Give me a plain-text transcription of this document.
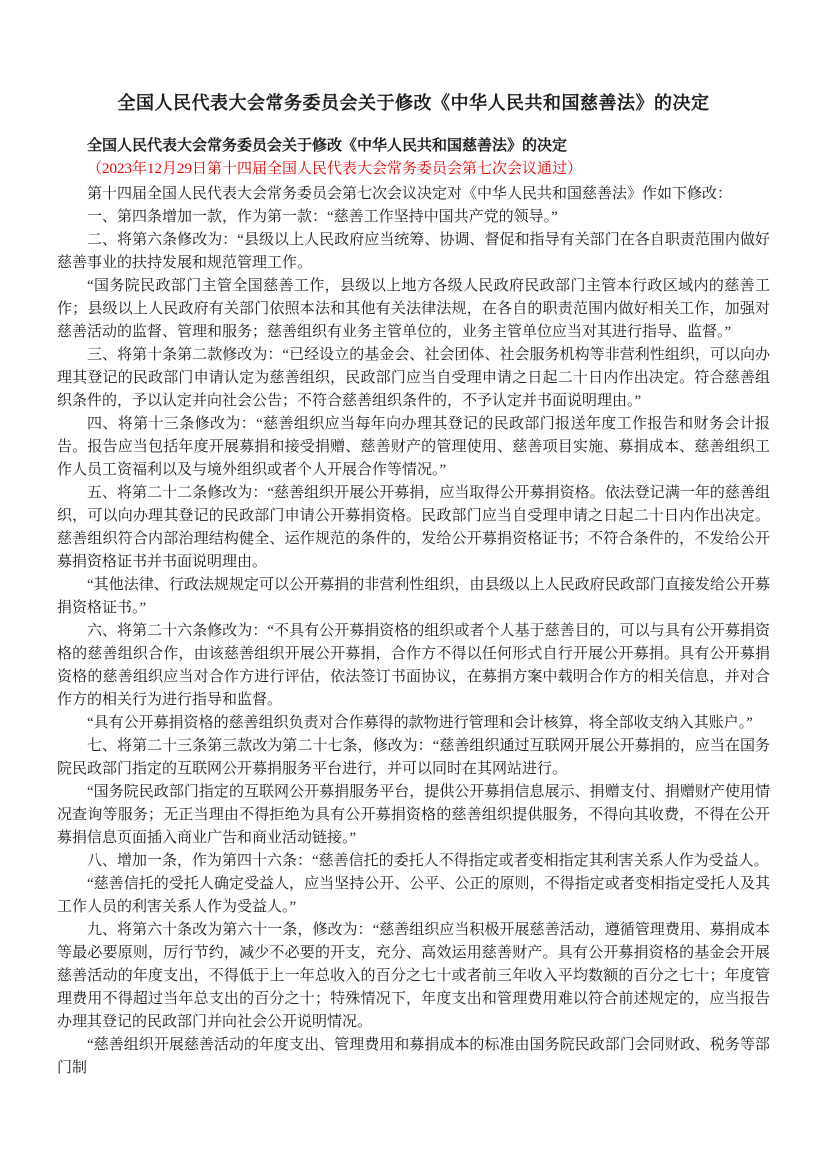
全国人民代表大会常务委员会关于修改《中华人民共和国慈善法》的决定

全国人民代表大会常务委员会关于修改《中华人民共和国慈善法》的决定

（2023年12月29日第十四届全国人民代表大会常务委员会第七次会议通过）

第十四届全国人民代表大会常务委员会第七次会议决定对《中华人民共和国慈善法》作如下修改：

一、第四条增加一款，作为第一款：“慈善工作坚持中国共产党的领导。”

二、将第六条修改为：“县级以上人民政府应当统筹、协调、督促和指导有关部门在各自职责范围内做好慈善事业的扶持发展和规范管理工作。

“国务院民政部门主管全国慈善工作，县级以上地方各级人民政府民政部门主管本行政区域内的慈善工作；县级以上人民政府有关部门依照本法和其他有关法律法规，在各自的职责范围内做好相关工作，加强对慈善活动的监督、管理和服务；慈善组织有业务主管单位的，业务主管单位应当对其进行指导、监督。”

三、将第十条第二款修改为：“已经设立的基金会、社会团体、社会服务机构等非营利性组织，可以向办理其登记的民政部门申请认定为慈善组织，民政部门应当自受理申请之日起二十日内作出决定。符合慈善组织条件的，予以认定并向社会公告；不符合慈善组织条件的，不予认定并书面说明理由。”

四、将第十三条修改为：“慈善组织应当每年向办理其登记的民政部门报送年度工作报告和财务会计报告。报告应当包括年度开展募捐和接受捐赠、慈善财产的管理使用、慈善项目实施、募捐成本、慈善组织工作人员工资福利以及与境外组织或者个人开展合作等情况。”

五、将第二十二条修改为：“慈善组织开展公开募捐，应当取得公开募捐资格。依法登记满一年的慈善组织，可以向办理其登记的民政部门申请公开募捐资格。民政部门应当自受理申请之日起二十日内作出决定。慈善组织符合内部治理结构健全、运作规范的条件的，发给公开募捐资格证书；不符合条件的，不发给公开募捐资格证书并书面说明理由。

“其他法律、行政法规规定可以公开募捐的非营利性组织，由县级以上人民政府民政部门直接发给公开募捐资格证书。”

六、将第二十六条修改为：“不具有公开募捐资格的组织或者个人基于慈善目的，可以与具有公开募捐资格的慈善组织合作，由该慈善组织开展公开募捐，合作方不得以任何形式自行开展公开募捐。具有公开募捐资格的慈善组织应当对合作方进行评估，依法签订书面协议，在募捐方案中载明合作方的相关信息，并对合作方的相关行为进行指导和监督。

“具有公开募捐资格的慈善组织负责对合作募得的款物进行管理和会计核算，将全部收支纳入其账户。”

七、将第二十三条第三款改为第二十七条，修改为：“慈善组织通过互联网开展公开募捐的，应当在国务院民政部门指定的互联网公开募捐服务平台进行，并可以同时在其网站进行。

“国务院民政部门指定的互联网公开募捐服务平台，提供公开募捐信息展示、捐赠支付、捐赠财产使用情况查询等服务；无正当理由不得拒绝为具有公开募捐资格的慈善组织提供服务，不得向其收费，不得在公开募捐信息页面插入商业广告和商业活动链接。”

八、增加一条，作为第四十六条：“慈善信托的委托人不得指定或者变相指定其利害关系人作为受益人。

“慈善信托的受托人确定受益人，应当坚持公开、公平、公正的原则，不得指定或者变相指定受托人及其工作人员的利害关系人作为受益人。”

九、将第六十条改为第六十一条，修改为：“慈善组织应当积极开展慈善活动，遵循管理费用、募捐成本等最必要原则，厉行节约，减少不必要的开支，充分、高效运用慈善财产。具有公开募捐资格的基金会开展慈善活动的年度支出，不得低于上一年总收入的百分之七十或者前三年收入平均数额的百分之七十；年度管理费用不得超过当年总支出的百分之十；特殊情况下，年度支出和管理费用难以符合前述规定的，应当报告办理其登记的民政部门并向社会公开说明情况。

“慈善组织开展慈善活动的年度支出、管理费用和募捐成本的标准由国务院民政部门会同财政、税务等部门制
